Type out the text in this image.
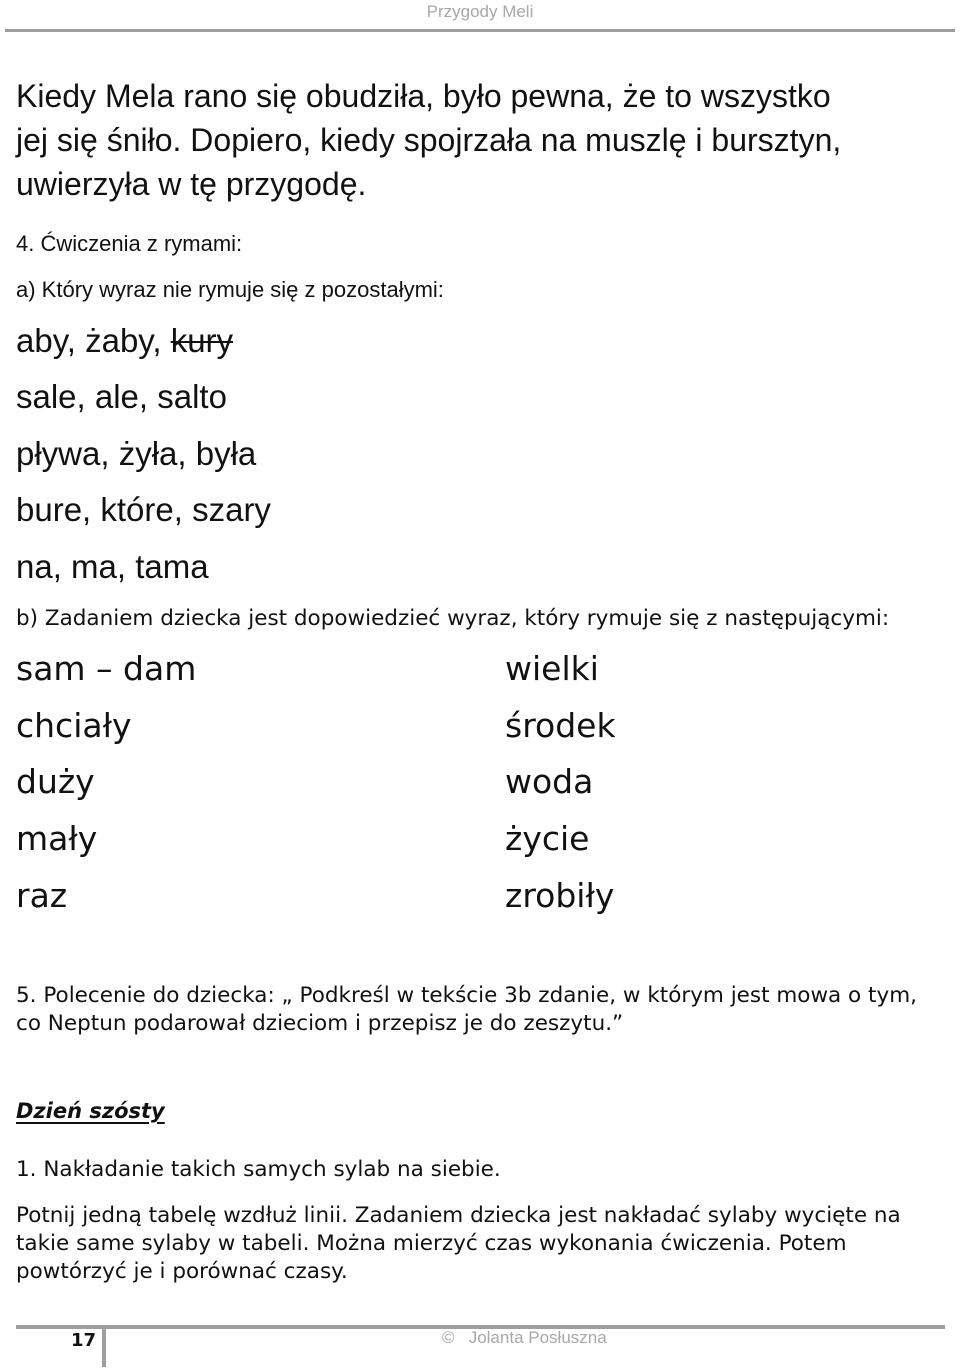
Przygody Meli
Kiedy Mela rano się obudziła, było pewna, że to wszystko
jej się śniło. Dopiero, kiedy spojrzała na muszlę i bursztyn,
uwierzyła w tę przygodę.
4. Ćwiczenia z rymami:
a) Który wyraz nie rymuje się z pozostałymi:
aby, żaby, kury
sale, ale, salto
pływa, żyła, była
bure, które, szary
na, ma, tama
b) Zadaniem dziecka jest dopowiedzieć wyraz, który rymuje się z następującymi:
sam – dam
chciały
duży
mały
raz
wielki
środek
woda
życie
zrobiły
5. Polecenie do dziecka: „ Podkreśl w tekście 3b zdanie, w którym jest mowa o tym,
co Neptun podarował dzieciom i przepisz je do zeszytu.”
Dzień szósty
1. Nakładanie takich samych sylab na siebie.
Potnij jedną tabelę wzdłuż linii. Zadaniem dziecka jest nakładać sylaby wycięte na
takie same sylaby w tabeli. Można mierzyć czas wykonania ćwiczenia. Potem
powtórzyć je i porównać czasy.
17	© Jolanta Posłuszna
